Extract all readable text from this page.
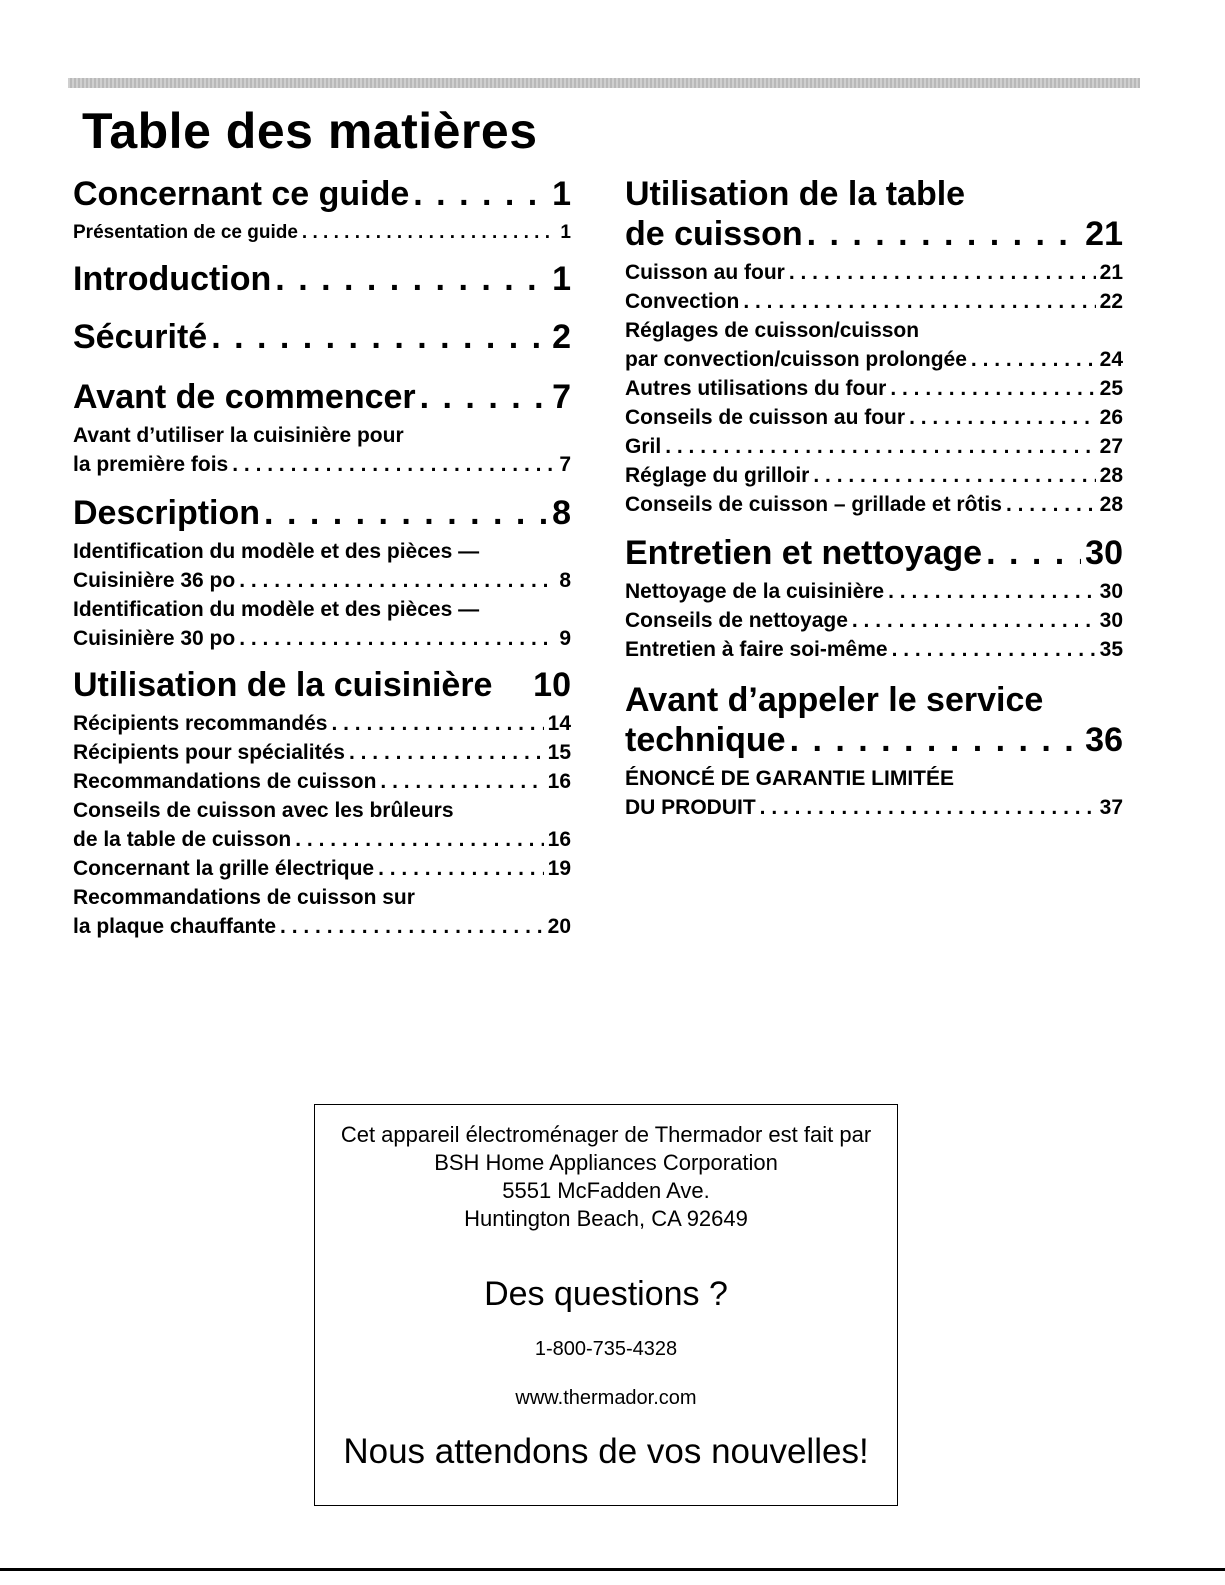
Table des matières
Concernant ce guide . . .	1
Présentation de ce guide . . .	1
Introduction . . .	1
Sécurité . . .	2
Avant de commencer . . .	7
Avant d’utiliser la cuisinière pour
la première fois . . .	7
Description . . .	8
Identification du modèle et des pièces —
Cuisinière 36 po . . .	8
Identification du modèle et des pièces —
Cuisinière 30 po . . .	9
Utilisation de la cuisinière 10
Récipients recommandés . . .	14
Récipients pour spécialités . . .	15
Recommandations de cuisson . . .	16
Conseils de cuisson avec les brûleurs
de la table de cuisson . . .	16
Concernant la grille électrique . . .	19
Recommandations de cuisson sur
la plaque chauffante . . .	20
Utilisation de la table
de cuisson . . .	21
Cuisson au four . . .	21
Convection . . .	22
Réglages de cuisson/cuisson
par convection/cuisson prolongée . . .	24
Autres utilisations du four . . .	25
Conseils de cuisson au four . . .	26
Gril . . .	27
Réglage du grilloir . . .	28
Conseils de cuisson – grillade et rôtis . . .	28
Entretien et nettoyage . . .	30
Nettoyage de la cuisinière . . .	30
Conseils de nettoyage . . .	30
Entretien à faire soi-même . . .	35
Avant d’appeler le service
technique . . .	36
ÉNONCÉ DE GARANTIE LIMITÉE
DU PRODUIT . . .	37
Cet appareil électroménager de Thermador est fait par
BSH Home Appliances Corporation
5551 McFadden Ave.
Huntington Beach, CA 92649
Des questions ?
1-800-735-4328
www.thermador.com
Nous attendons de vos nouvelles!
